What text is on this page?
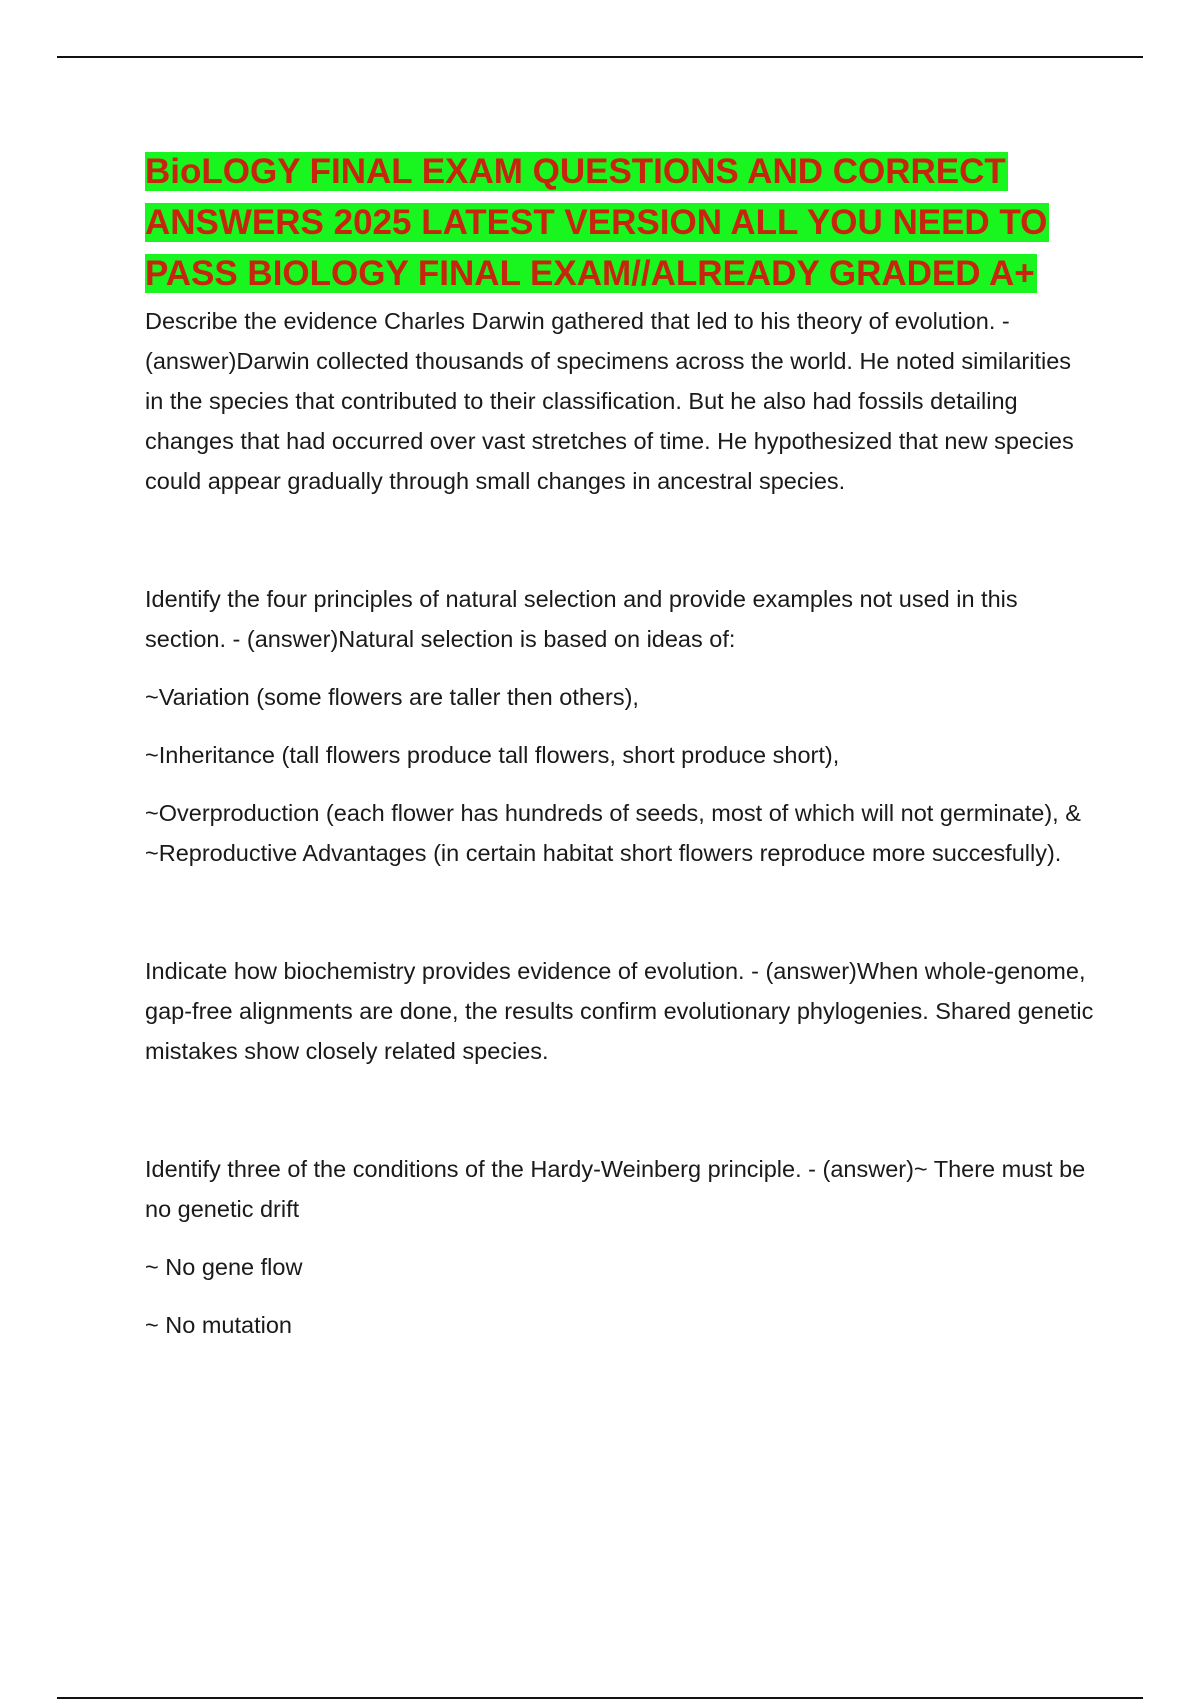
BioLOGY FINAL EXAM QUESTIONS AND CORRECT
ANSWERS 2025 LATEST VERSION ALL YOU NEED TO
PASS BIOLOGY FINAL EXAM//ALREADY GRADED A+

Describe the evidence Charles Darwin gathered that led to his theory of evolution. - (answer)Darwin collected thousands of specimens across the world. He noted similarities in the species that contributed to their classification. But he also had fossils detailing changes that had occurred over vast stretches of time. He hypothesized that new species could appear gradually through small changes in ancestral species.

Identify the four principles of natural selection and provide examples not used in this section. - (answer)Natural selection is based on ideas of:

~Variation (some flowers are taller then others),

~Inheritance (tall flowers produce tall flowers, short produce short),

~Overproduction (each flower has hundreds of seeds, most of which will not germinate), & ~Reproductive Advantages (in certain habitat short flowers reproduce more succesfully).

Indicate how biochemistry provides evidence of evolution. - (answer)When whole-genome, gap-free alignments are done, the results confirm evolutionary phylogenies. Shared genetic mistakes show closely related species.

Identify three of the conditions of the Hardy-Weinberg principle. - (answer)~ There must be no genetic drift

~ No gene flow

~ No mutation
